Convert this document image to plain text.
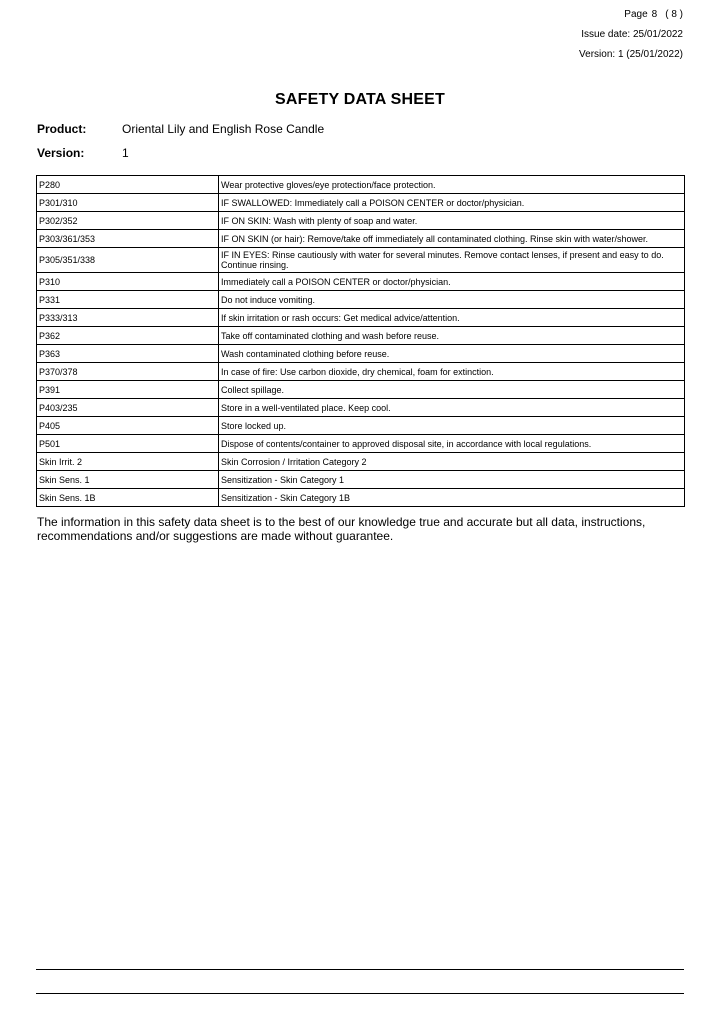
Page 8 ( 8 )
Issue date: 25/01/2022
Version: 1 (25/01/2022)
SAFETY DATA SHEET
Product:	Oriental Lily and English Rose Candle
Version:	1
P280	Wear protective gloves/eye protection/face protection.
P301/310	IF SWALLOWED: Immediately call a POISON CENTER or doctor/physician.
P302/352	IF ON SKIN: Wash with plenty of soap and water.
P303/361/353	IF ON SKIN (or hair): Remove/take off immediately all contaminated clothing. Rinse skin with water/shower.
P305/351/338	IF IN EYES: Rinse cautiously with water for several minutes. Remove contact lenses, if present and easy to do. Continue rinsing.
P310	Immediately call a POISON CENTER or doctor/physician.
P331	Do not induce vomiting.
P333/313	If skin irritation or rash occurs: Get medical advice/attention.
P362	Take off contaminated clothing and wash before reuse.
P363	Wash contaminated clothing before reuse.
P370/378	In case of fire: Use carbon dioxide, dry chemical, foam for extinction.
P391	Collect spillage.
P403/235	Store in a well-ventilated place. Keep cool.
P405	Store locked up.
P501	Dispose of contents/container to approved disposal site, in accordance with local regulations.
Skin Irrit. 2	Skin Corrosion / Irritation Category 2
Skin Sens. 1	Sensitization - Skin Category 1
Skin Sens. 1B	Sensitization - Skin Category 1B
The information in this safety data sheet is to the best of our knowledge true and accurate but all data, instructions, recommendations and/or suggestions are made without guarantee.
